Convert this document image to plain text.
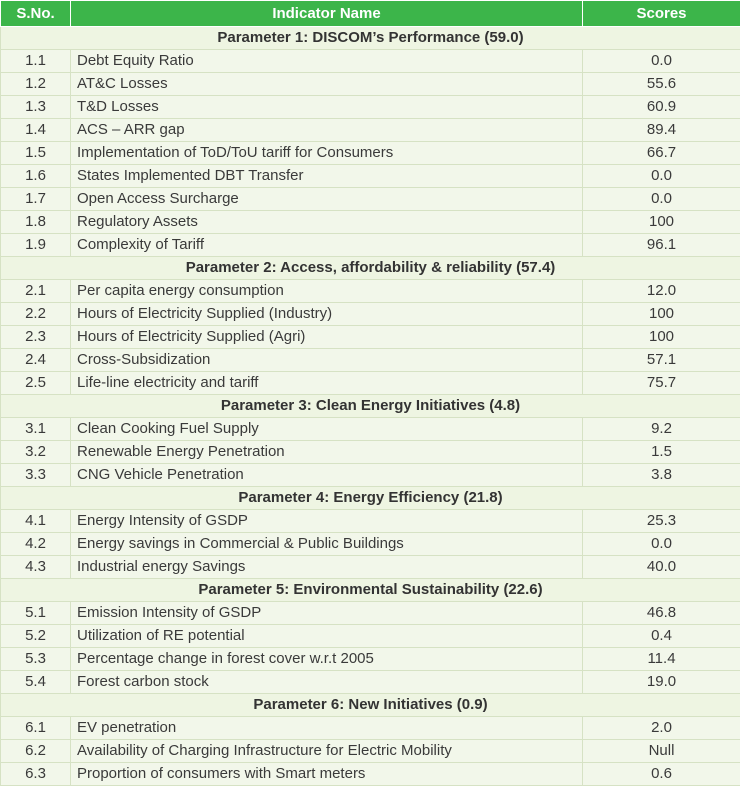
S.No.	Indicator Name	Scores
Parameter 1: DISCOM’s Performance (59.0)		
1.1	Debt Equity Ratio	0.0
1.2	AT&C Losses	55.6
1.3	T&D Losses	60.9
1.4	ACS – ARR gap	89.4
1.5	Implementation of ToD/ToU tariff for Consumers	66.7
1.6	States Implemented DBT Transfer	0.0
1.7	Open Access Surcharge	0.0
1.8	Regulatory Assets	100
1.9	Complexity of Tariff	96.1
Parameter 2: Access, affordability & reliability (57.4)		
2.1	Per capita energy consumption	12.0
2.2	Hours of Electricity Supplied (Industry)	100
2.3	Hours of Electricity Supplied (Agri)	100
2.4	Cross-Subsidization	57.1
2.5	Life-line electricity and tariff	75.7
Parameter 3: Clean Energy Initiatives (4.8)		
3.1	Clean Cooking Fuel Supply	9.2
3.2	Renewable Energy Penetration	1.5
3.3	CNG Vehicle Penetration	3.8
Parameter 4: Energy Efficiency (21.8)		
4.1	Energy Intensity of GSDP	25.3
4.2	Energy savings in Commercial & Public Buildings	0.0
4.3	Industrial energy Savings	40.0
Parameter 5: Environmental Sustainability (22.6)		
5.1	Emission Intensity of GSDP	46.8
5.2	Utilization of RE potential	0.4
5.3	Percentage change in forest cover w.r.t 2005	11.4
5.4	Forest carbon stock	19.0
Parameter 6: New Initiatives (0.9)		
6.1	EV penetration	2.0
6.2	Availability of Charging Infrastructure for Electric Mobility	Null
6.3	Proportion of consumers with Smart meters	0.6
